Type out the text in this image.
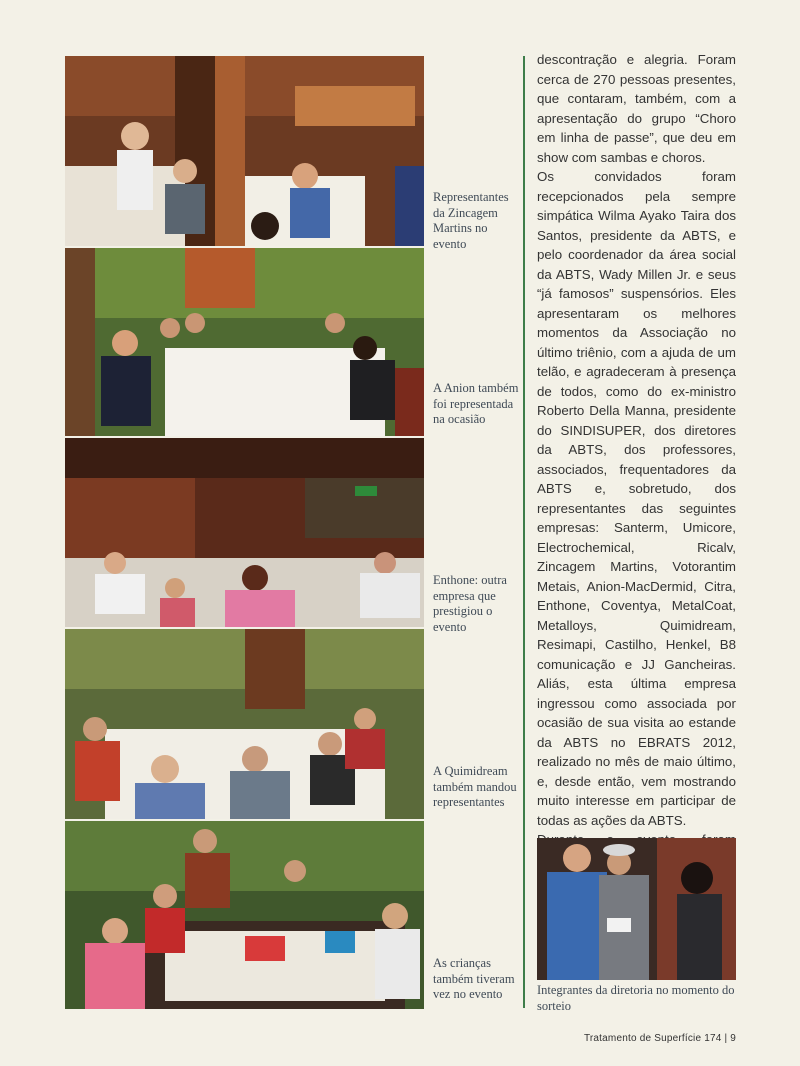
Representantes da Zincagem Martins no evento
A Anion também foi representada na ocasião
Enthone: outra empresa que prestigiou o evento
A Quimidream também mandou representantes
As crianças também tiveram vez no evento

descontração e alegria. Foram cerca de 270 pessoas presentes, que contaram, também, com a apresentação do grupo “Choro em linha de passe”, que deu em show com sambas e choros.

Os convidados foram recepcionados pela sempre simpática Wilma Ayako Taira dos Santos, presidente da ABTS, e pelo coordenador da área social da ABTS, Wady Millen Jr. e seus “já famosos” suspensórios. Eles apresentaram os melhores momentos da Associação no último triênio, com a ajuda de um telão, e agradeceram à presença de todos, como do ex-ministro Roberto Della Manna, presidente do SINDISUPER, dos diretores da ABTS, dos professores, associados, frequentadores da ABTS e, sobretudo, dos representantes das seguintes empresas: Santerm, Umicore, Electrochemical, Ricalv, Zincagem Martins, Votorantim Metais, Anion-MacDermid, Citra, Enthone, Coventya, MetalCoat, Metalloys, Quimidream, Resimapi, Castilho, Henkel, B8 comunicação e JJ Gancheiras. Aliás, esta última empresa ingressou como associada por ocasião de sua visita ao estande da ABTS no EBRATS 2012, realizado no mês de maio último, e, desde então, vem mostrando muito interesse em participar de todas as ações da ABTS.

Integrantes da diretoria no momento do sorteio
Tratamento de Superfície 174 | 9
